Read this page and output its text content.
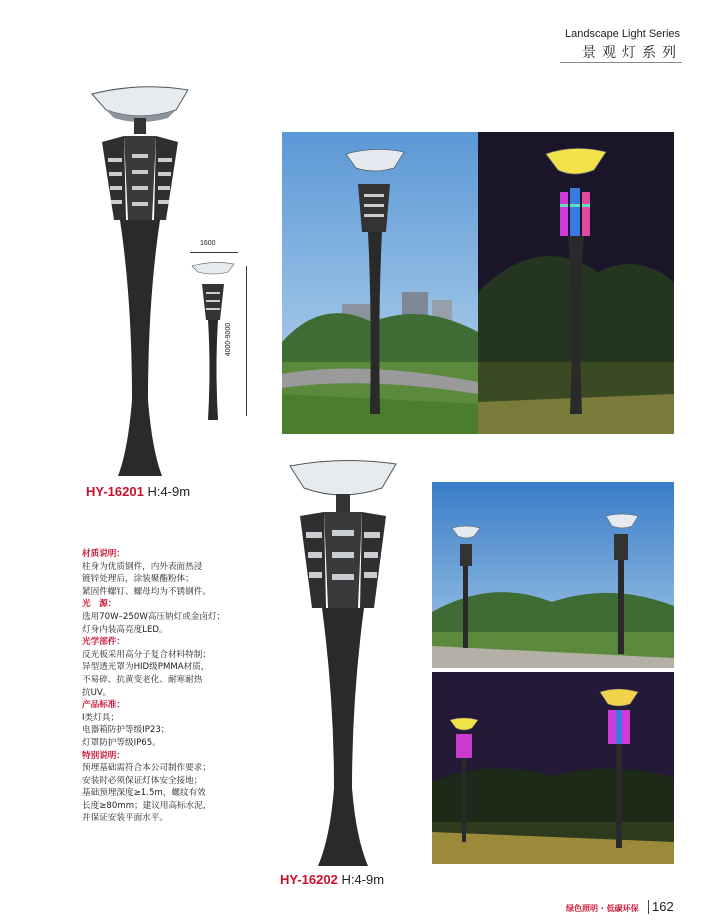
Landscape Light Series
景观灯系列
1600
4000-9000
HY-16201 H:4-9m
HY-16202 H:4-9m
材质说明：
柱身为优质钢件，内外表面热浸
镀锌处理后，涂装聚酯粉体；
紧固件螺钉、螺母均为不锈钢件。
光　源：
选用70W–250W高压钠灯或金卤灯；
灯身内装高亮度LED。
光学部件：
反光板采用高分子复合材料特制；
异型透光罩为HID级PMMA材质，
不易碎、抗黄变老化、耐寒耐热
抗UV。
产品标准：
Ⅰ类灯具；
电器箱防护等级IP23；
灯罩防护等级IP65。
特别说明：
预埋基础需符合本公司制作要求；
安装时必须保证灯体安全接地；
基础预埋深度≥1.5m，螺纹有效
长度≥80mm；建议用高标水泥，
并保证安装平面水平。
绿色照明 · 低碳环保 162
